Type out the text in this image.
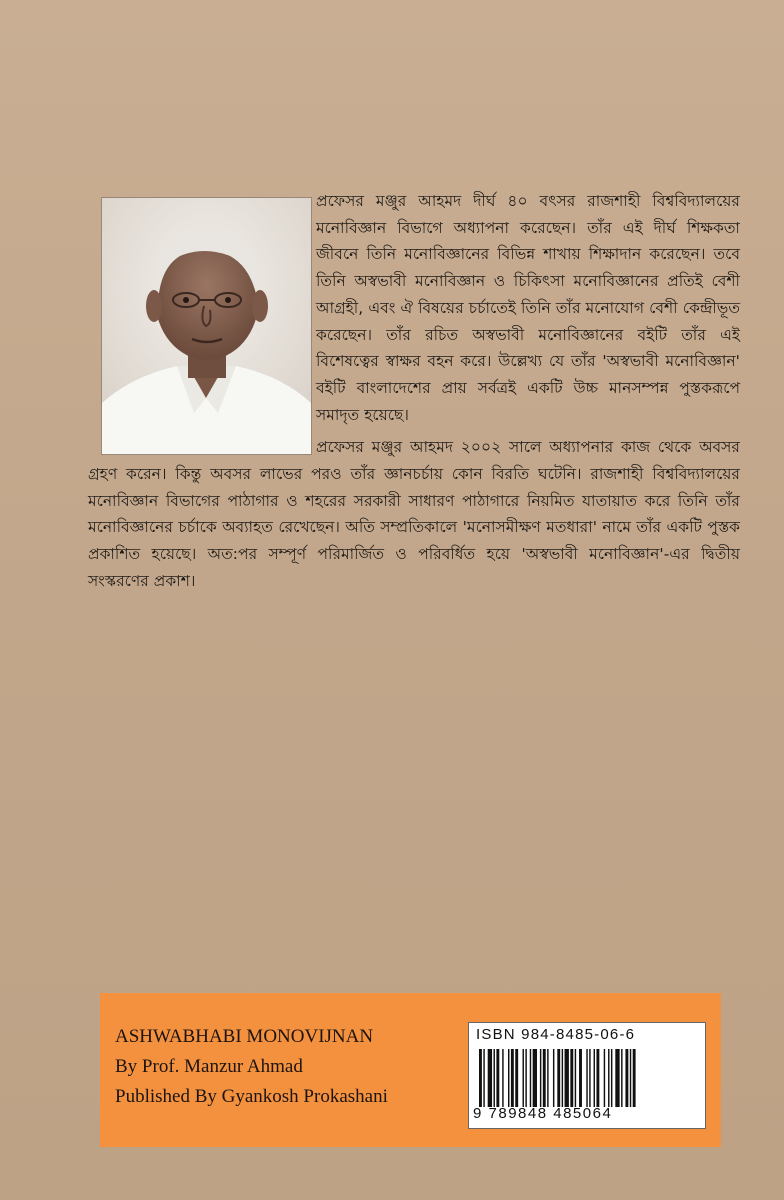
প্রফেসর মঞ্জুর আহমদ দীর্ঘ ৪০ বৎসর রাজশাহী বিশ্ববিদ্যালয়ের মনোবিজ্ঞান বিভাগে অধ্যাপনা করেছেন। তাঁর এই দীর্ঘ শিক্ষকতা জীবনে তিনি মনোবিজ্ঞানের বিভিন্ন শাখায় শিক্ষাদান করেছেন। তবে তিনি অস্বভাবী মনোবিজ্ঞান ও চিকিৎসা মনোবিজ্ঞানের প্রতিই বেশী আগ্রহী, এবং ঐ বিষয়ের চর্চাতেই তিনি তাঁর মনোযোগ বেশী কেন্দ্রীভূত করেছেন। তাঁর রচিত অস্বভাবী মনোবিজ্ঞানের বইটি তাঁর এই বিশেষত্বের স্বাক্ষর বহন করে। উল্লেখ্য যে তাঁর 'অস্বভাবী মনোবিজ্ঞান' বইটি বাংলাদেশের প্রায় সর্বত্রই একটি উচ্চ মানসম্পন্ন পুস্তকরূপে সমাদৃত হয়েছে।

প্রফেসর মঞ্জুর আহমদ ২০০২ সালে অধ্যাপনার কাজ থেকে অবসর গ্রহণ করেন। কিন্তু অবসর লাভের পরও তাঁর জ্ঞানচর্চায় কোন বিরতি ঘটেনি। রাজশাহী বিশ্ববিদ্যালয়ের মনোবিজ্ঞান বিভাগের পাঠাগার ও শহরের সরকারী সাধারণ পাঠাগারে নিয়মিত যাতায়াত করে তিনি তাঁর মনোবিজ্ঞানের চর্চাকে অব্যাহত রেখেছেন। অতি সম্প্রতিকালে 'মনোসমীক্ষণ মতধারা' নামে তাঁর একটি পুস্তক প্রকাশিত হয়েছে। অত:পর সম্পূর্ণ পরিমার্জিত ও পরিবর্ধিত হয়ে 'অস্বভাবী মনোবিজ্ঞান'-এর দ্বিতীয় সংস্করণের প্রকাশ।

ASHWABHABI MONOVIJNAN
By Prof. Manzur Ahmad
Published By Gyankosh Prokashani
ISBN 984-8485-06-6
9 789848 485064
